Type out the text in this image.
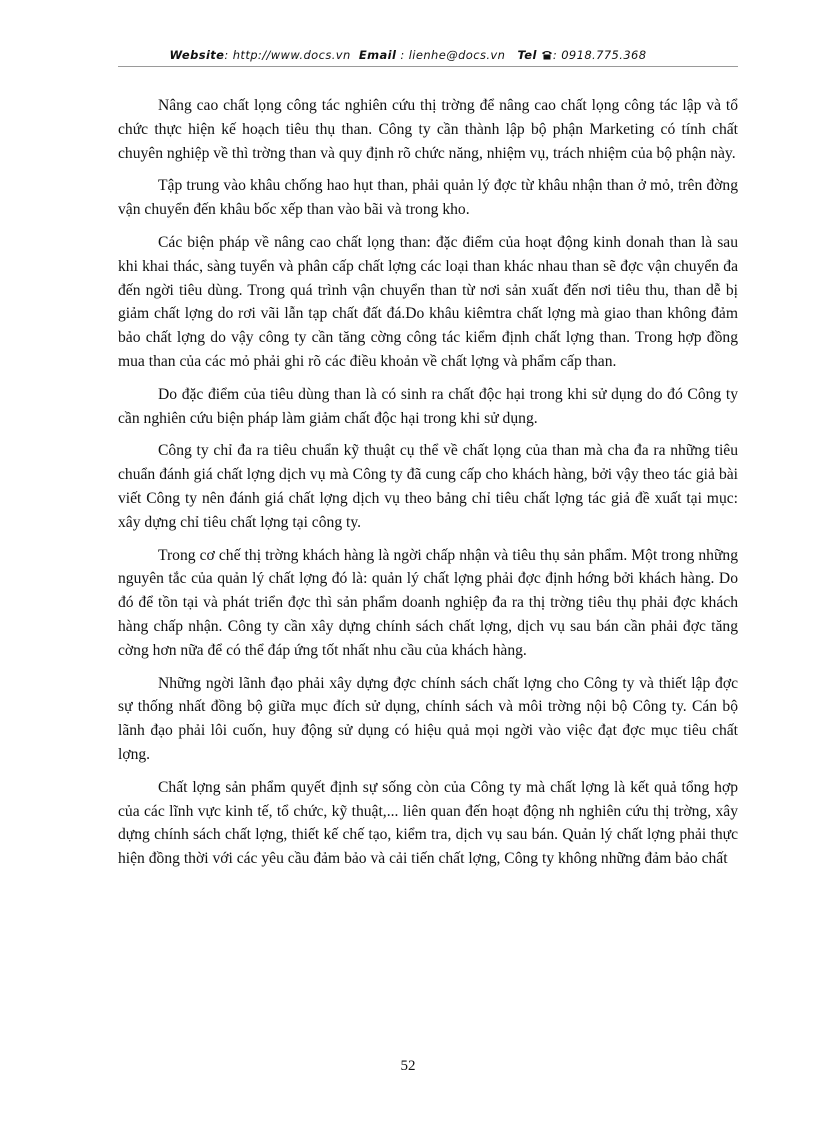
Website: http://www.docs.vn Email : lienhe@docs.vn Tel : 0918.775.368

Nâng cao chất lọng công tác nghiên cứu thị trờng để nâng cao chất lọng công tác lập và tổ chức thực hiện kế hoạch tiêu thụ than. Công ty cần thành lập bộ phận Marketing có tính chất chuyên nghiệp về thì trờng than và quy định rõ chức năng, nhiệm vụ, trách nhiệm của bộ phận này.

Tập trung vào khâu chống hao hụt than, phải quản lý đợc từ khâu nhận than ở mỏ, trên đờng vận chuyển đến khâu bốc xếp than vào bãi và trong kho.

Các biện pháp về nâng cao chất lọng than: đặc điểm của hoạt động kinh donah than là sau khi khai thác, sàng tuyển và phân cấp chất lợng các loại than khác nhau than sẽ đợc vận chuyển đa đến ngời tiêu dùng. Trong quá trình vận chuyển than từ nơi sản xuất đến nơi tiêu thu, than dễ bị giảm chất lợng do rơi vãi lẫn tạp chất đất đá.Do khâu kiêmtra chất lợng mà giao than không đảm bảo chất lợng do vậy công ty cần tăng cờng công tác kiểm định chất lợng than. Trong hợp đồng mua than của các mỏ phải ghi rõ các điều khoản về chất lợng và phẩm cấp than.

Do đặc điểm của tiêu dùng than là có sinh ra chất độc hại trong khi sử dụng do đó Công ty cần nghiên cứu biện pháp làm giảm chất độc hại trong khi sử dụng.

Công ty chỉ đa ra tiêu chuẩn kỹ thuật cụ thể về chất lọng của than mà cha đa ra những tiêu chuẩn đánh giá chất lợng dịch vụ mà Công ty đã cung cấp cho khách hàng, bởi vậy theo tác giả bài viết Công ty nên đánh giá chất lợng dịch vụ theo bảng chỉ tiêu chất lợng tác giả đề xuất tại mục: xây dựng chỉ tiêu chất lợng tại công ty.

Trong cơ chế thị trờng khách hàng là ngời chấp nhận và tiêu thụ sản phẩm. Một trong những nguyên tắc của quản lý chất lợng đó là: quản lý chất lợng phải đợc định hớng bởi khách hàng. Do đó để tồn tại và phát triển đợc thì sản phẩm doanh nghiệp đa ra thị trờng tiêu thụ phải đợc khách hàng chấp nhận. Công ty cần xây dựng chính sách chất lợng, dịch vụ sau bán cần phải đợc tăng cờng hơn nữa để có thể đáp ứng tốt nhất nhu cầu của khách hàng.

Những ngời lãnh đạo phải xây dựng đợc chính sách chất lợng cho Công ty và thiết lập đợc sự thống nhất đồng bộ giữa mục đích sử dụng, chính sách và môi trờng nội bộ Công ty. Cán bộ lãnh đạo phải lôi cuốn, huy động sử dụng có hiệu quả mọi ngời vào việc đạt đợc mục tiêu chất lợng.

Chất lợng sản phẩm quyết định sự sống còn của Công ty mà chất lợng là kết quả tổng hợp của các lĩnh vực kinh tế, tổ chức, kỹ thuật,... liên quan đến hoạt động nh nghiên cứu thị trờng, xây dựng chính sách chất lợng, thiết kế chế tạo, kiểm tra, dịch vụ sau bán. Quản lý chất lợng phải thực hiện đồng thời với các yêu cầu đảm bảo và cải tiến chất lợng, Công ty không những đảm bảo chất

52
